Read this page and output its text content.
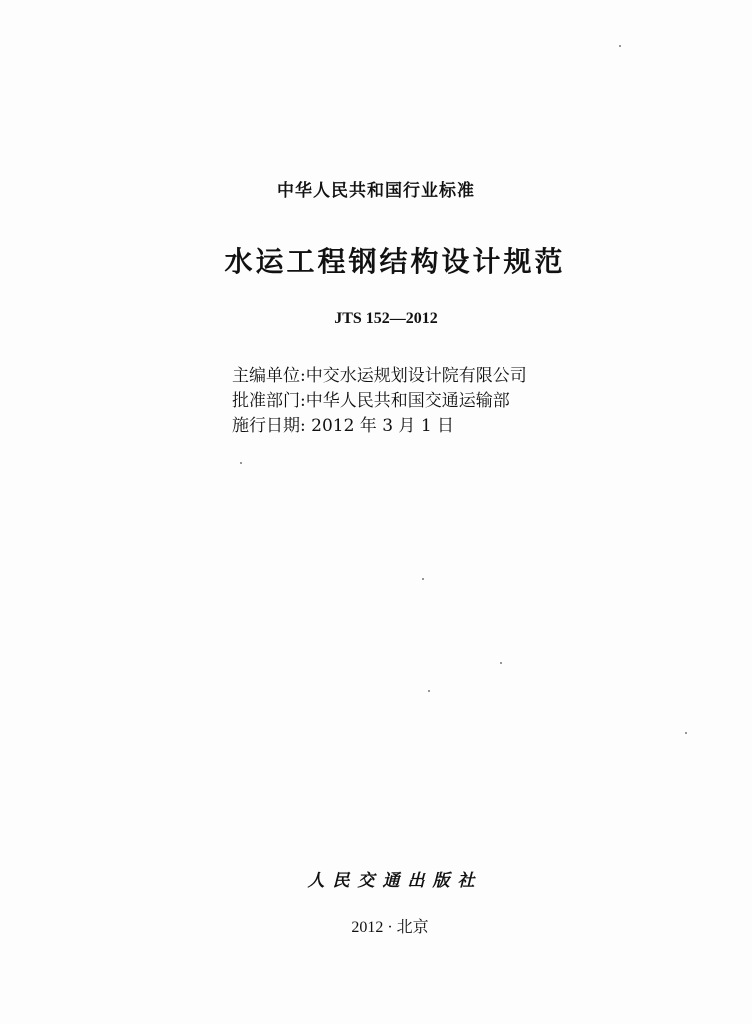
中华人民共和国行业标准
水运工程钢结构设计规范
JTS 152—2012
主编单位:中交水运规划设计院有限公司
批准部门:中华人民共和国交通运输部
施行日期: 2012 年 3 月 1 日
人民交通出版社
2012 · 北京
